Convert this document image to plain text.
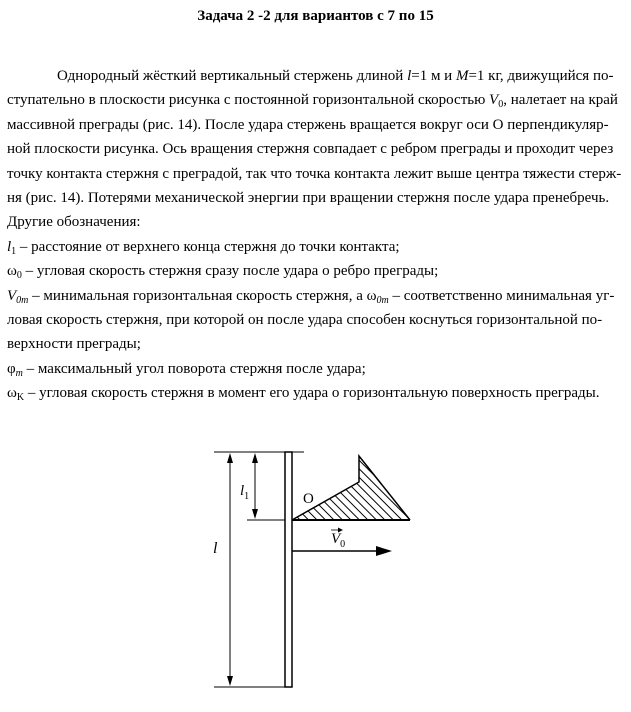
Задача 2 -2 для вариантов с 7 по 15
Однородный жёсткий вертикальный стержень длиной l=1 м и M=1 кг, движущийся по-
ступательно в плоскости рисунка с постоянной горизонтальной скоростью $V_0$, налетает на край
массивной преграды (рис. 14). После удара стержень вращается вокруг оси О перпендикуляр-
ной плоскости рисунка. Ось вращения стержня совпадает с ребром преграды и проходит через
точку контакта стержня с преградой, так что точка контакта лежит выше центра тяжести стерж-
ня (рис. 14). Потерями механической энергии при вращении стержня после удара пренебречь.
Другие обозначения:
$l_1$ – расстояние от верхнего конца стержня до точки контакта;
$\omega_0$ – угловая скорость стержня сразу после удара о ребро преграды;
$V_{0m}$ – минимальная горизонтальная скорость стержня, а $\omega_{0m}$ – соответственно минимальная уг-
ловая скорость стержня, при которой он после удара способен коснуться горизонтальной по-
верхности преграды;
$\varphi_m$ – максимальный угол поворота стержня после удара;
$\omega_K$ – угловая скорость стержня в момент его удара о горизонтальную поверхность преграды.
$l_1$	O
$V_0$
l
